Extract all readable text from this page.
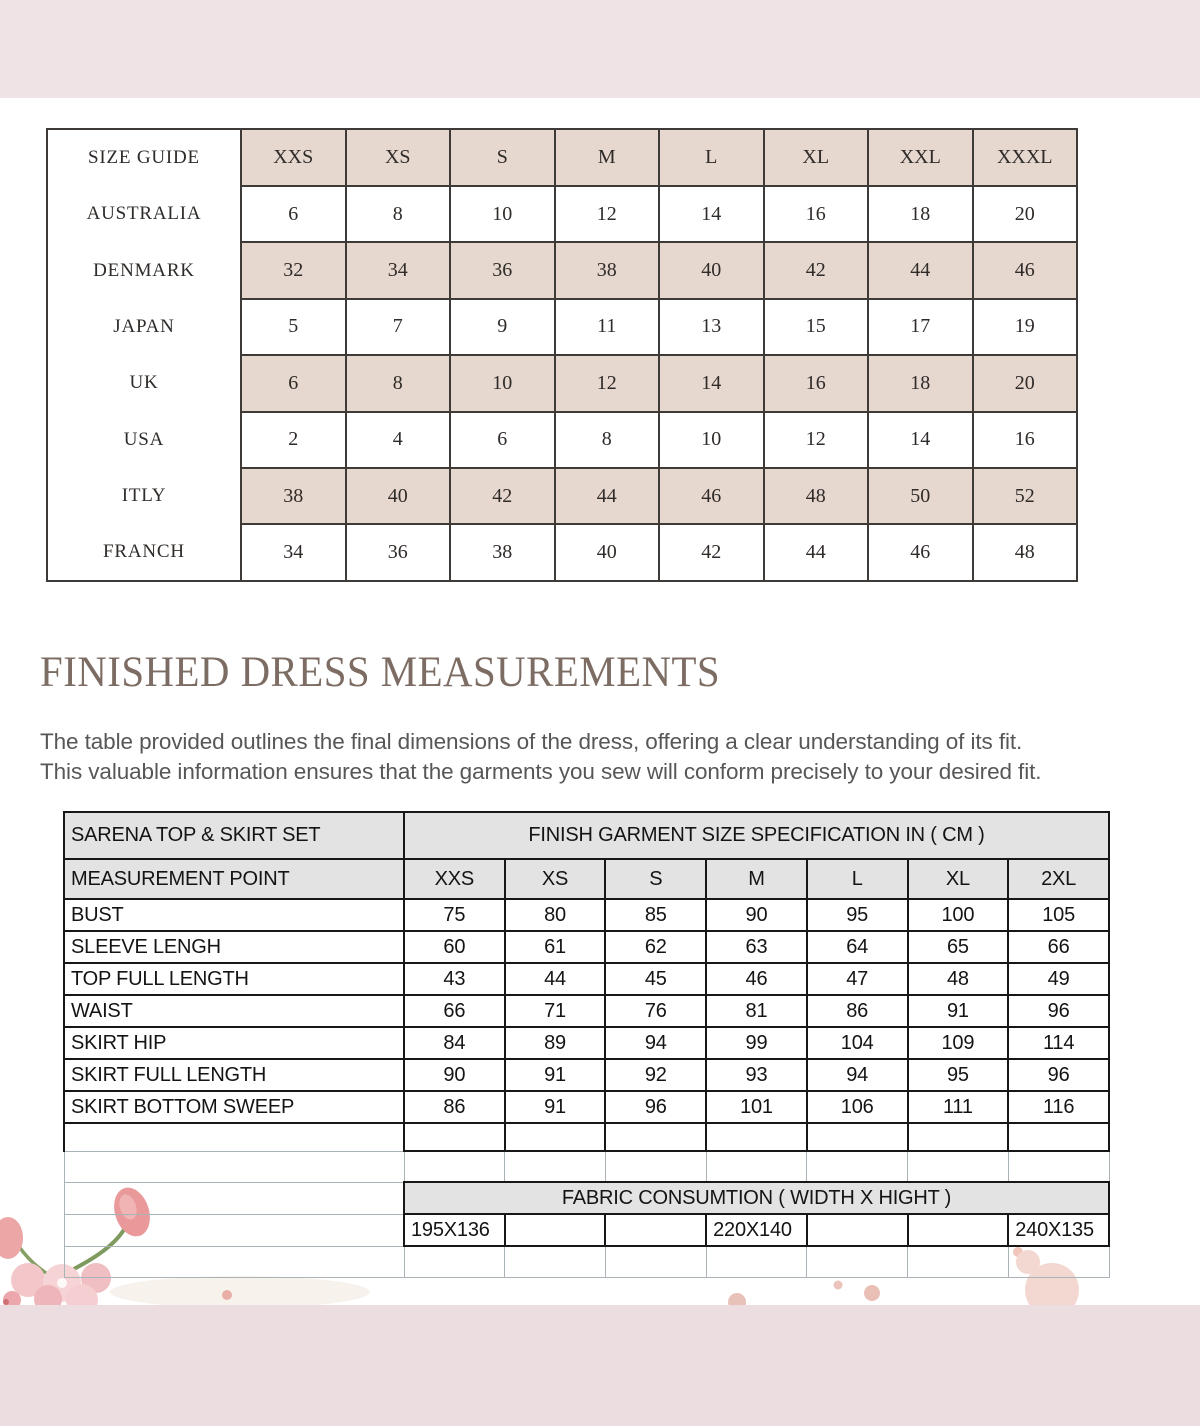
SIZE GUIDE	XXS	XS	S	M	L	XL	XXL	XXXL
AUSTRALIA	6	8	10	12	14	16	18	20
DENMARK	32	34	36	38	40	42	44	46
JAPAN	5	7	9	11	13	15	17	19
UK	6	8	10	12	14	16	18	20
USA	2	4	6	8	10	12	14	16
ITLY	38	40	42	44	46	48	50	52
FRANCH	34	36	38	40	42	44	46	48
FINISHED DRESS MEASUREMENTS
The table provided outlines the final dimensions of the dress, offering a clear understanding of its fit.
This valuable information ensures that the garments you sew will conform precisely to your desired fit.
SARENA TOP & SKIRT SET	FINISH GARMENT SIZE SPECIFICATION IN ( CM )						
MEASUREMENT POINT	XXS	XS	S	M	L	XL	2XL
BUST	75	80	85	90	95	100	105
SLEEVE LENGH	60	61	62	63	64	65	66
TOP FULL LENGTH	43	44	45	46	47	48	49
WAIST	66	71	76	81	86	91	96
SKIRT HIP	84	89	94	99	104	109	114
SKIRT FULL LENGTH	90	91	92	93	94	95	96
SKIRT BOTTOM SWEEP	86	91	96	101	106	111	116

	FABRIC CONSUMTION ( WIDTH X HIGHT )						
	195X136			220X140			240X135
